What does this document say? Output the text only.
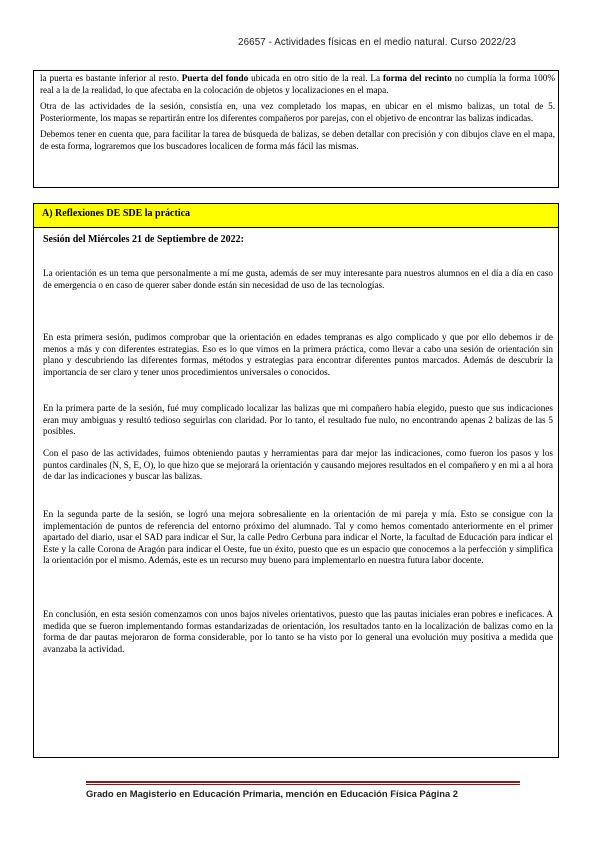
26657 - Actividades físicas en el medio natural. Curso 2022/23

la puerta es bastante inferior al resto. Puerta del fondo ubicada en otro sitio de la real. La forma del recinto no cumplía la forma 100% real a la de la realidad, lo que afectaba en la colocación de objetos y localizaciones en el mapa.

Otra de las actividades de la sesión, consistía en, una vez completado los mapas, en ubicar en el mismo balizas, un total de 5. Posteriormente, los mapas se repartirán entre los diferentes compañeros por parejas, con el objetivo de encontrar las balizas indicadas.

Debemos tener en cuenta que, para facilitar la tarea de búsqueda de balizas, se deben detallar con precisión y con dibujos clave en el mapa, de esta forma, lograremos que los buscadores localicen de forma más fácil las mismas.

A) Reflexiones DE SDE la práctica

Sesión del Miércoles 21 de Septiembre de 2022:

La orientación es un tema que personalmente a mí me gusta, además de ser muy interesante para nuestros alumnos en el día a día en caso de emergencia o en caso de querer saber donde están sin necesidad de uso de las tecnologías.

En esta primera sesión, pudimos comprobar que la orientación en edades tempranas es algo complicado y que por ello debemos ir de menos a más y con diferentes estrategias. Eso es lo que vimos en la primera práctica, como llevar a cabo una sesión de orientación sin plano y descubriendo las diferentes formas, métodos y estrategias para encontrar diferentes puntos marcados. Además de descubrir la importancia de ser claro y tener unos procedimientos universales o conocidos.

En la primera parte de la sesión, fué muy complicado localizar las balizas que mi compañero había elegido, puesto que sus indicaciones eran muy ambiguas y resultó tedioso seguirlas con claridad. Por lo tanto, el resultado fue nulo, no encontrando apenas 2 balizas de las 5 posibles.

Con el paso de las actividades, fuimos obteniendo pautas y herramientas para dar mejor las indicaciones, como fueron los pasos y los puntos cardinales (N, S, E, O), lo que hizo que se mejorará la orientación y causando mejores resultados en el compañero y en mi a al hora de dar las indicaciones y buscar las balizas.

En la segunda parte de la sesión, se logró una mejora sobresaliente en la orientación de mi pareja y mía. Esto se consigue con la implementación de puntos de referencia del entorno próximo del alumnado. Tal y como hemos comentado anteriormente en el primer apartado del diario, usar el SAD para indicar el Sur, la calle Pedro Cerbuna para indicar el Norte, la facultad de Educación para indicar el Este y la calle Corona de Aragón para indicar el Oeste, fue un éxito, puesto que es un espacio que conocemos a la perfección y simplifica la orientación por el mismo. Además, este es un recurso muy bueno para implementarlo en nuestra futura labor docente.

En conclusión, en esta sesión comenzamos con unos bajos niveles orientativos, puesto que las pautas iniciales eran pobres e ineficaces. A medida que se fueron implementando formas estandarizadas de orientación, los resultados tanto en la localización de balizas como en la forma de dar pautas mejoraron de forma considerable, por lo tanto se ha visto por lo general una evolución muy positiva a medida que avanzaba la actividad.

Grado en Magisterio en Educación Primaria, mención en Educación Física Página 2
